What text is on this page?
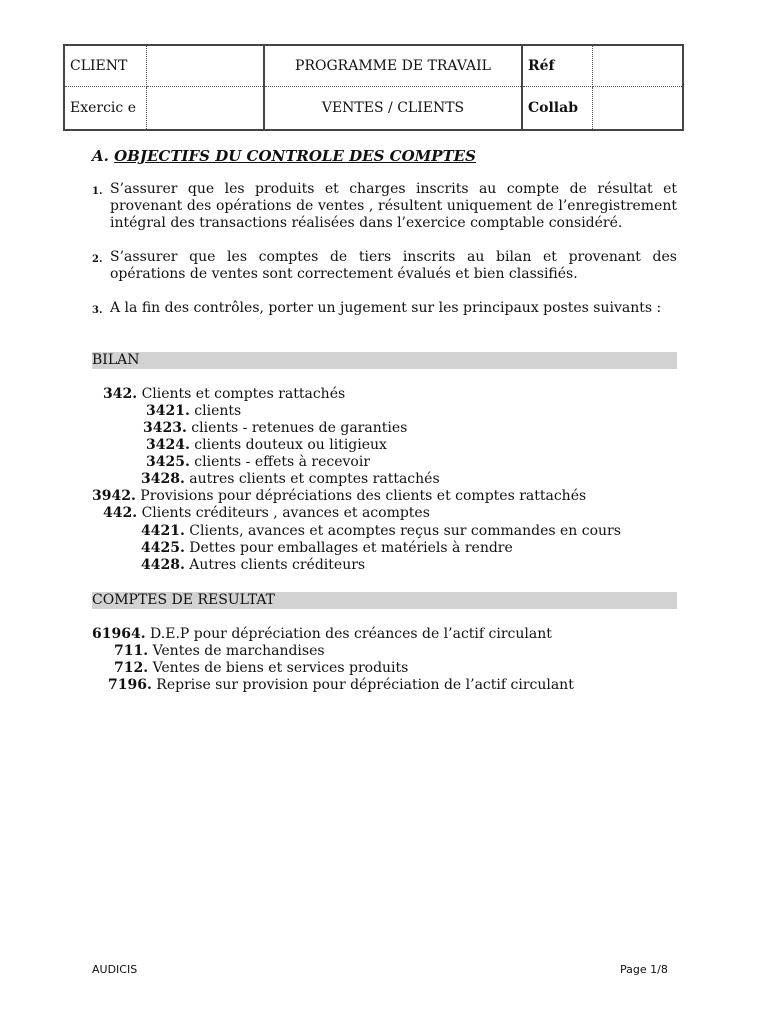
CLIENT		PROGRAMME DE TRAVAIL	Réf	
Exercic e		VENTES / CLIENTS	Collab	
A. OBJECTIFS DU CONTROLE DES COMPTES
1. S’assurer que les produits et charges inscrits au compte de résultat et provenant des opérations de ventes , résultent uniquement de l’enregistrement intégral des transactions réalisées dans l’exercice comptable considéré.
2. S’assurer que les comptes de tiers inscrits au bilan et provenant des opérations de ventes sont correctement évalués et bien classifiés.
3. A la fin des contrôles, porter un jugement sur les principaux postes suivants :
BILAN
342. Clients et comptes rattachés
3421. clients
3423. clients - retenues de garanties
3424. clients douteux ou litigieux
3425. clients - effets à recevoir
3428. autres clients et comptes rattachés
3942. Provisions pour dépréciations des clients et comptes rattachés
442. Clients créditeurs , avances et acomptes
4421. Clients, avances et acomptes reçus sur commandes en cours
4425. Dettes pour emballages et matériels à rendre
4428. Autres clients créditeurs
COMPTES DE RESULTAT
61964. D.E.P pour dépréciation des créances de l’actif circulant
711. Ventes de marchandises
712. Ventes de biens et services produits
7196. Reprise sur provision pour dépréciation de l’actif circulant
AUDICIS	Page 1/8
